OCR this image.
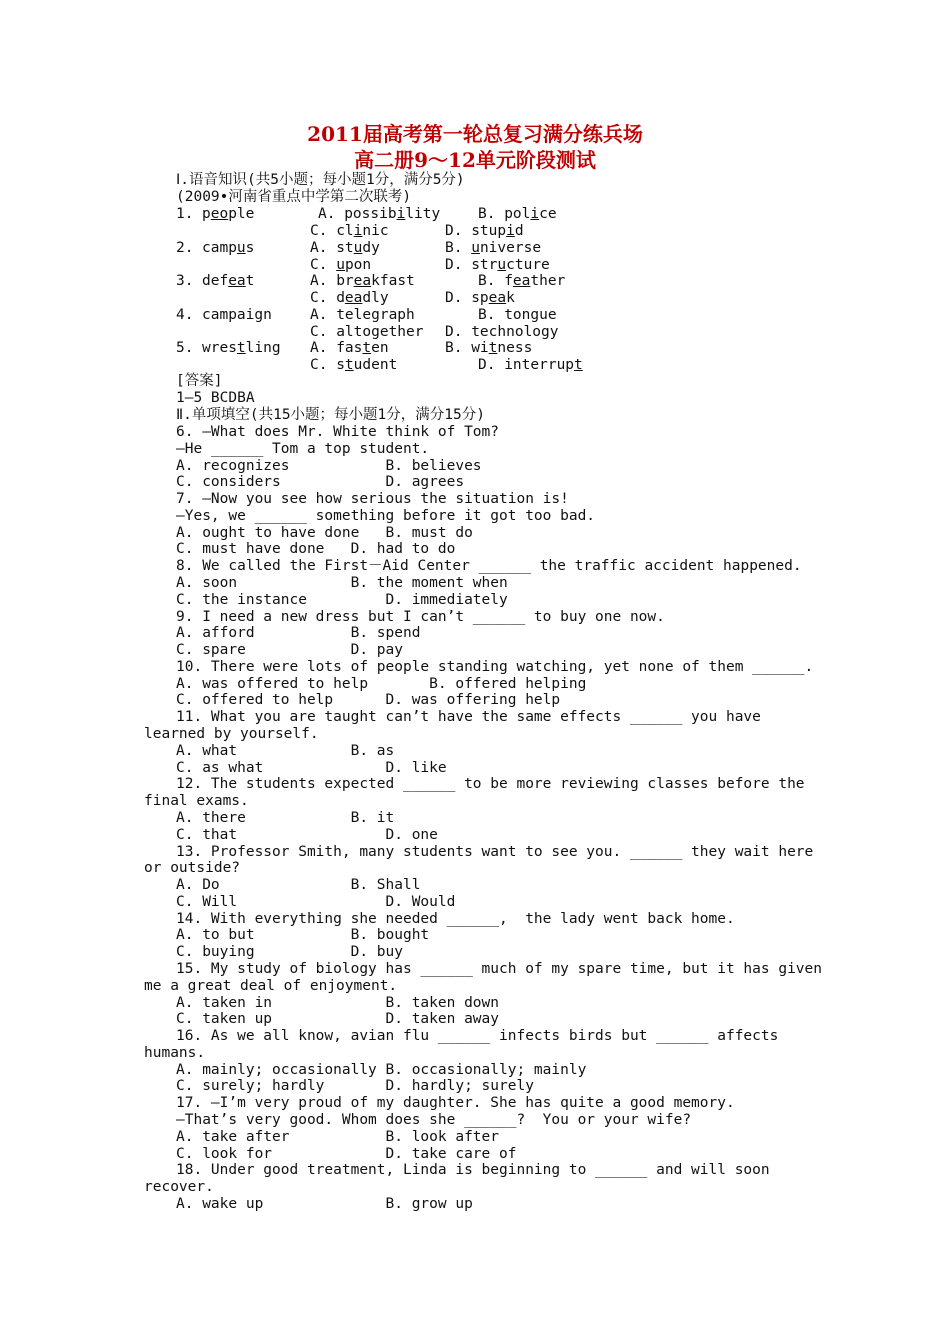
2011届高考第一轮总复习满分练兵场
高二册9～12单元阶段测试
Ⅰ.语音知识(共5小题；每小题1分，满分5分)
(2009•河南省重点中学第二次联考)
1. people	A. possibility	B. police
C. clinic	D. stupid
2. campus	A. study	B. universe
C. upon	D. structure
3. defeat	A. breakfast	B. feather
C. deadly	D. speak
4. campaign	A. telegraph	B. tongue
C. altogether D. technology
5. wrestling A. fasten	B. witness
C. student	D. interrupt
[答案]
1—5 BCDBA
Ⅱ.单项填空(共15小题；每小题1分，满分15分)
6. —What does Mr. White think of Tom?
—He ______ Tom a top student.
A. recognizes           B. believes
C. considers            D. agrees
7. —Now you see how serious the situation is!
—Yes, we ______ something before it got too bad.
A. ought to have done   B. must do
C. must have done   D. had to do
8. We called the First－Aid Center ______ the traffic accident happened.
A. soon             B. the moment when
C. the instance         D. immediately
9. I need a new dress but I can’t ______ to buy one now.
A. afford           B. spend
C. spare            D. pay
10. There were lots of people standing watching, yet none of them ______.
A. was offered to help       B. offered helping
C. offered to help      D. was offering help
11. What you are taught can’t have the same effects ______ you have
learned by yourself.
A. what             B. as
C. as what              D. like
12. The students expected ______ to be more reviewing classes before the
final exams.
A. there            B. it
C. that                 D. one
13. Professor Smith, many students want to see you. ______ they wait here
or outside?
A. Do               B. Shall
C. Will                 D. Would
14. With everything she needed ______,  the lady went back home.
A. to but           B. bought
C. buying           D. buy
15. My study of biology has ______ much of my spare time, but it has given
me a great deal of enjoyment.
A. taken in             B. taken down
C. taken up             D. taken away
16. As we all know, avian flu ______ infects birds but ______ affects
humans.
A. mainly; occasionally B. occasionally; mainly
C. surely; hardly       D. hardly; surely
17. —I’m very proud of my daughter. She has quite a good memory.
—That’s very good. Whom does she ______?  You or your wife?
A. take after           B. look after
C. look for             D. take care of
18. Under good treatment, Linda is beginning to ______ and will soon
recover.
A. wake up              B. grow up
